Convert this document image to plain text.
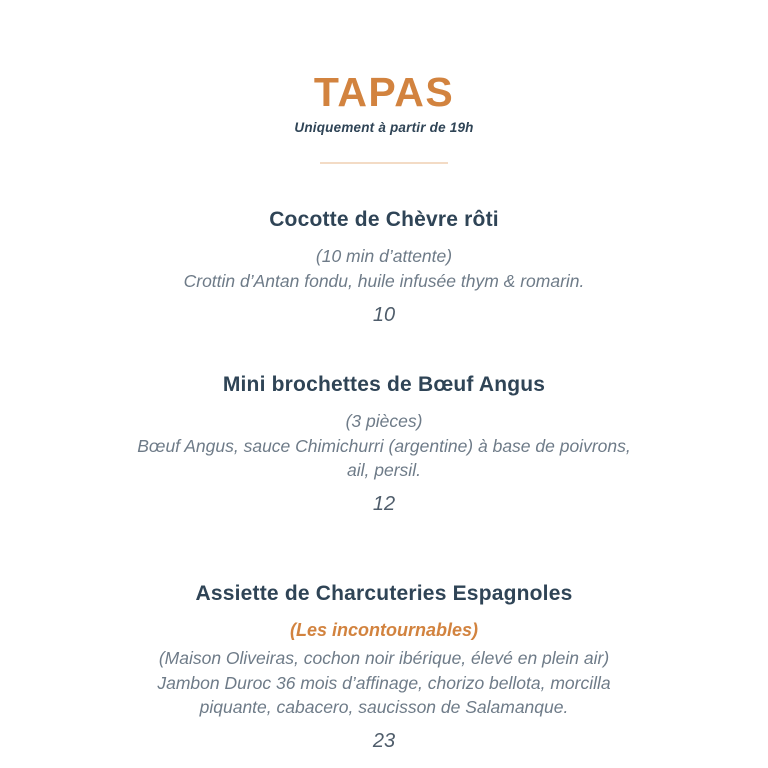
TAPAS
Uniquement à partir de 19h
Cocotte de Chèvre rôti

(10 min d’attente)

Crottin d’Antan fondu, huile infusée thym & romarin.

10

Mini brochettes de Bœuf Angus

(3 pièces)

Bœuf Angus, sauce Chimichurri (argentine) à base de poivrons, ail, persil.

12

Assiette de Charcuteries Espagnoles

(Les incontournables)

(Maison Oliveiras, cochon noir ibérique, élevé en plein air)

Jambon Duroc 36 mois d’affinage, chorizo bellota, morcilla piquante, cabacero, saucisson de Salamanque.

23
